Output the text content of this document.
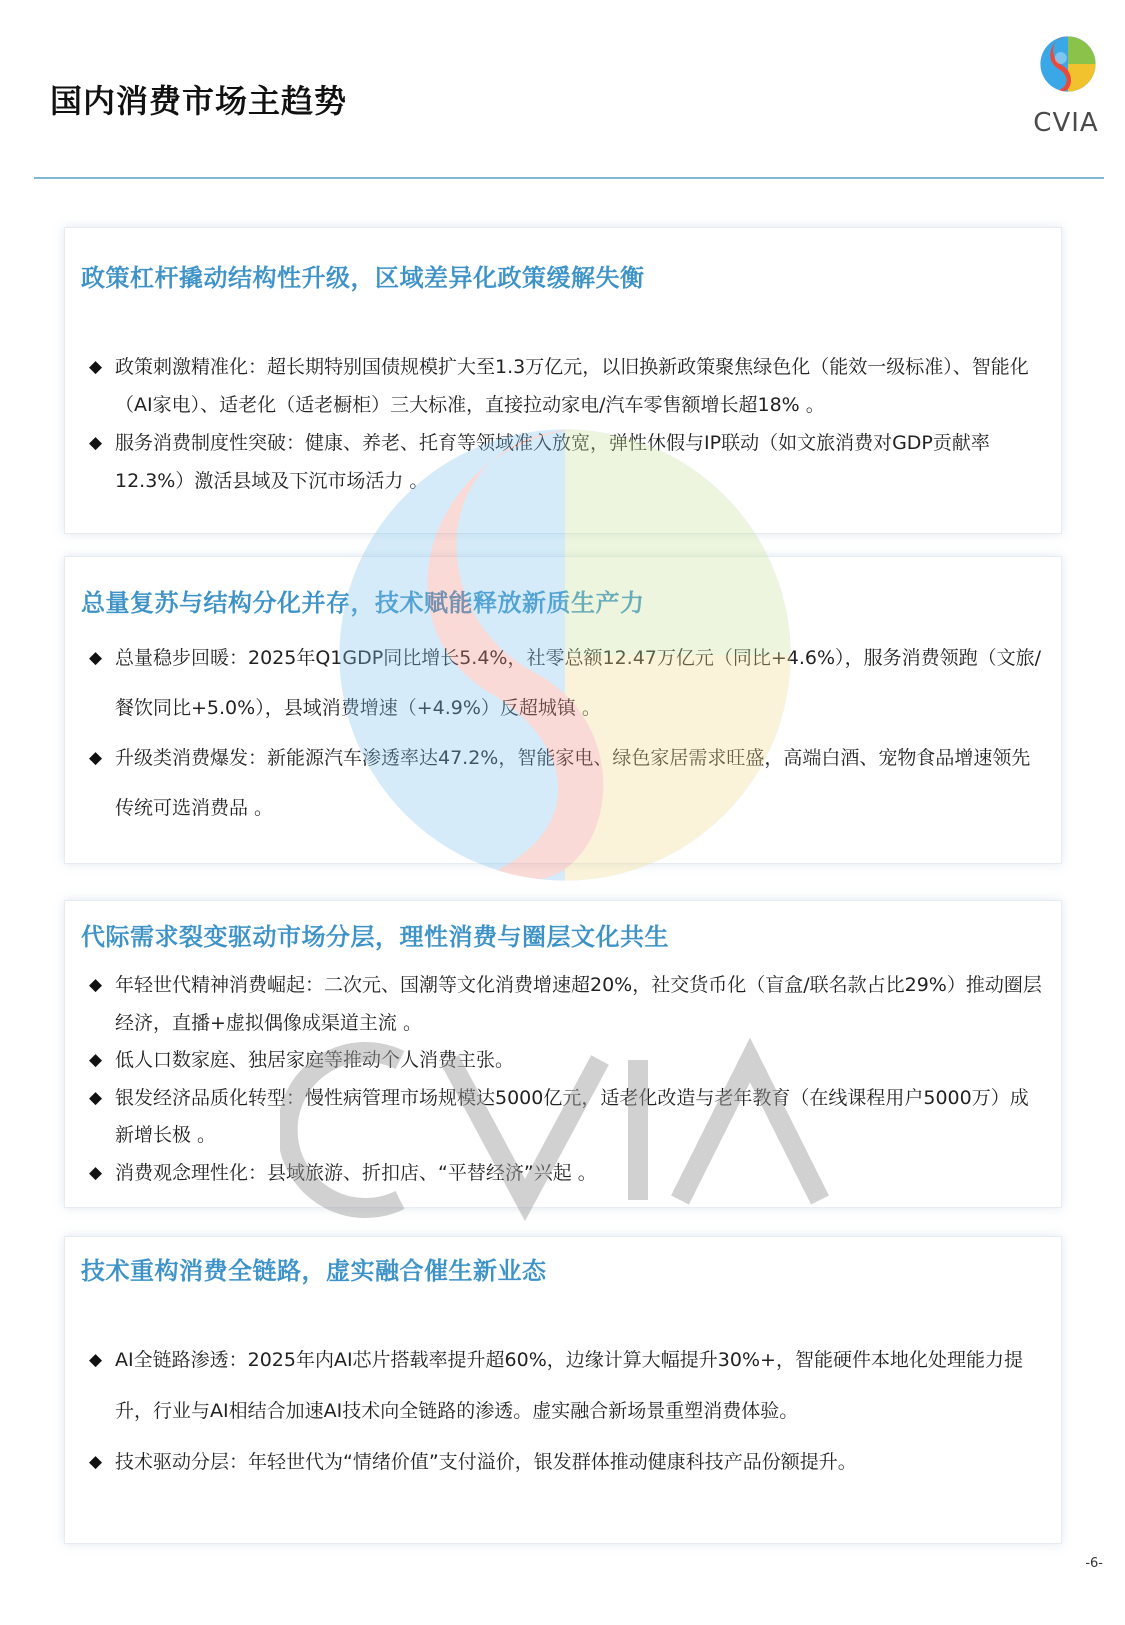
国内消费市场主趋势
CVIA
政策杠杆撬动结构性升级，区域差异化政策缓解失衡
◆ 政策刺激精准化：超长期特别国债规模扩大至1.3万亿元，以旧换新政策聚焦绿色化（能效一级标准）、智能化（AI家电）、适老化（适老橱柜）三大标准，直接拉动家电/汽车零售额增长超18% 。
◆ 服务消费制度性突破：健康、养老、托育等领域准入放宽，弹性休假与IP联动（如文旅消费对GDP贡献率12.3%）激活县域及下沉市场活力 。
总量复苏与结构分化并存，技术赋能释放新质生产力
◆ 总量稳步回暖：2025年Q1GDP同比增长5.4%，社零总额12.47万亿元（同比+4.6%），服务消费领跑（文旅/餐饮同比+5.0%），县域消费增速（+4.9%）反超城镇 。
◆ 升级类消费爆发：新能源汽车渗透率达47.2%，智能家电、绿色家居需求旺盛，高端白酒、宠物食品增速领先传统可选消费品 。
代际需求裂变驱动市场分层，理性消费与圈层文化共生
◆ 年轻世代精神消费崛起：二次元、国潮等文化消费增速超20%，社交货币化（盲盒/联名款占比29%）推动圈层经济，直播+虚拟偶像成渠道主流 。
◆ 低人口数家庭、独居家庭等推动个人消费主张。
◆ 银发经济品质化转型：慢性病管理市场规模达5000亿元，适老化改造与老年教育（在线课程用户5000万）成新增长极 。
◆ 消费观念理性化：县域旅游、折扣店、“平替经济”兴起 。
技术重构消费全链路，虚实融合催生新业态
◆ AI全链路渗透：2025年内AI芯片搭载率提升超60%，边缘计算大幅提升30%+，智能硬件本地化处理能力提升，行业与AI相结合加速AI技术向全链路的渗透。虚实融合新场景重塑消费体验。
◆ 技术驱动分层：年轻世代为“情绪价值”支付溢价，银发群体推动健康科技产品份额提升。
-6-
